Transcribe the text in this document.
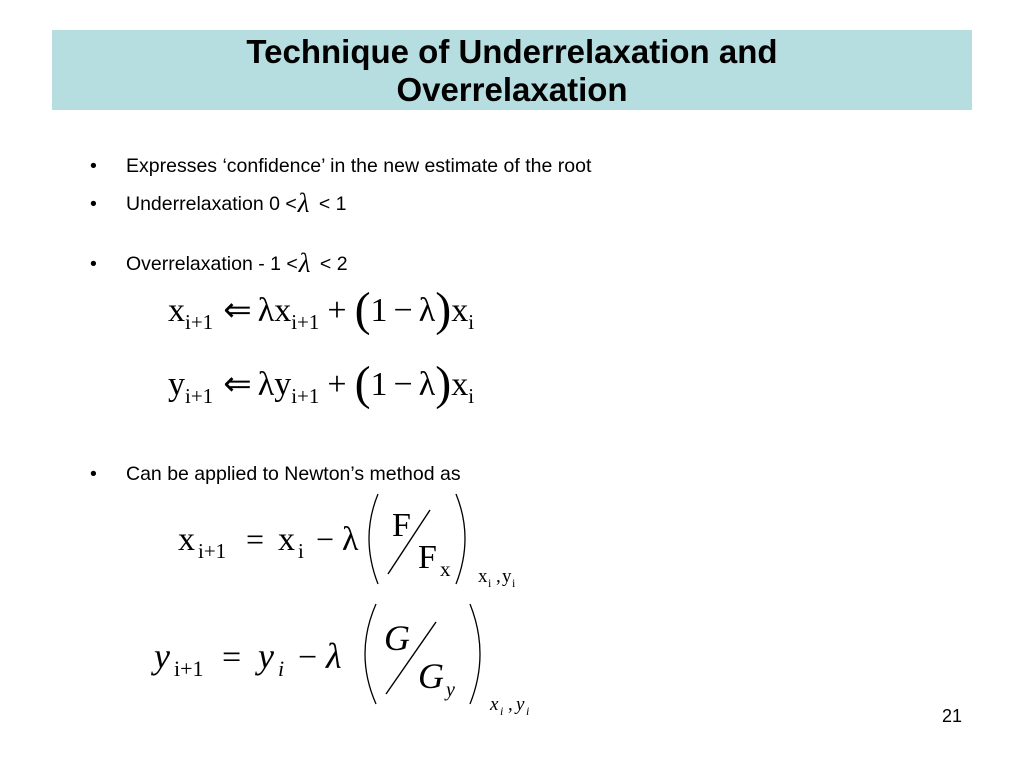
Technique of Underrelaxation and Overrelaxation
• Expresses ‘confidence’ in the new estimate of the root
• Underrelaxation 0 <λ < 1
• Overrelaxation - 1 <λ < 2
x i+1 ⇐ λ x i+1 + ( 1 − λ ) x i
y i+1 ⇐ λ y i+1 + ( 1 − λ ) x i
• Can be applied to Newton’s method as
x i+1 = x i − λ F
F x x i , y i
y i+1 = y i − λ G
G y
x i , y i	21
